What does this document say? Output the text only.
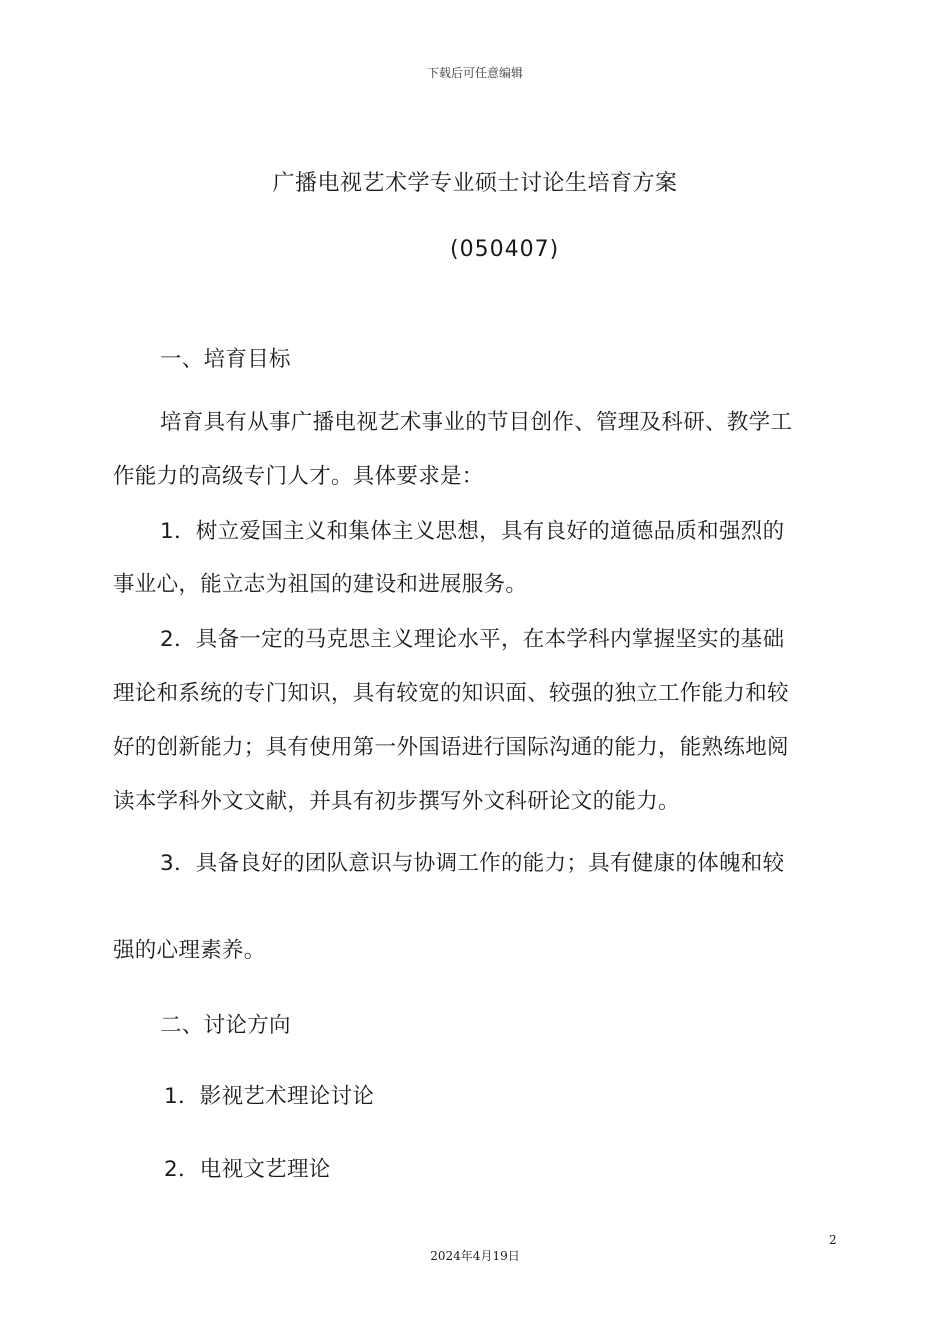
下载后可任意编辑
广播电视艺术学专业硕士讨论生培育方案
(050407)
一、培育目标
培育具有从事广播电视艺术事业的节目创作、管理及科研、教学工
作能力的高级专门人才。具体要求是：
1．树立爱国主义和集体主义思想，具有良好的道德品质和强烈的
事业心，能立志为祖国的建设和进展服务。
2．具备一定的马克思主义理论水平，在本学科内掌握坚实的基础
理论和系统的专门知识，具有较宽的知识面、较强的独立工作能力和较
好的创新能力；具有使用第一外国语进行国际沟通的能力，能熟练地阅
读本学科外文文献，并具有初步撰写外文科研论文的能力。
3．具备良好的团队意识与协调工作的能力；具有健康的体魄和较
强的心理素养。
二、讨论方向
1．影视艺术理论讨论
2．电视文艺理论
2
2024年4月19日
